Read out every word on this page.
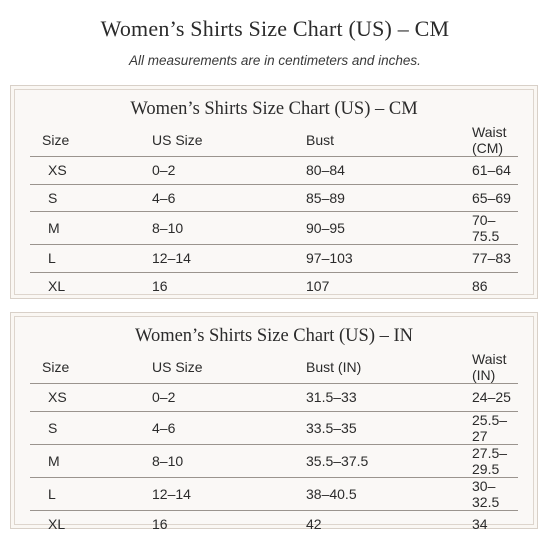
Women’s Shirts Size Chart (US) – CM
All measurements are in centimeters and inches.
Women’s Shirts Size Chart (US) – CM
Size	US Size	Bust	Waist (CM)
XS	0–2	80–84	61–64
S	4–6	85–89	65–69
M	8–10	90–95	70–75.5
L	12–14	97–103	77–83
XL	16	107	86
Women’s Shirts Size Chart (US) – IN
Size	US Size	Bust (IN)	Waist (IN)
XS	0–2	31.5–33	24–25
S	4–6	33.5–35	25.5–27
M	8–10	35.5–37.5	27.5–29.5
L	12–14	38–40.5	30–32.5
XL	16	42	34
